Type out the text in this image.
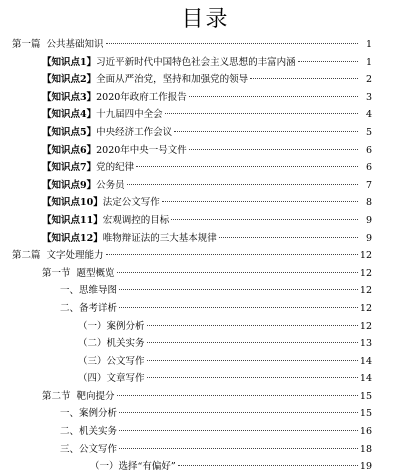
目录
第一篇 公共基础知识	1
【知识点1】习近平新时代中国特色社会主义思想的丰富内涵	1
【知识点2】全面从严治党，坚持和加强党的领导	2
【知识点3】2020年政府工作报告	3
【知识点4】十九届四中全会	4
【知识点5】中央经济工作会议	5
【知识点6】2020年中央一号文件	6
【知识点7】党的纪律	6
【知识点9】公务员	7
【知识点10】法定公文写作	8
【知识点11】宏观调控的目标	9
【知识点12】唯物辩证法的三大基本规律	9
第二篇 文字处理能力	12
第一节 题型概览	12
一、思维导图	12
二、备考详析	12
（一）案例分析	12
（二）机关实务	13
（三）公文写作	14
（四）文章写作	14
第二节 靶向提分	15
一、案例分析	15
二、机关实务	16
三、公文写作	18
（一）选择“有偏好”	19
